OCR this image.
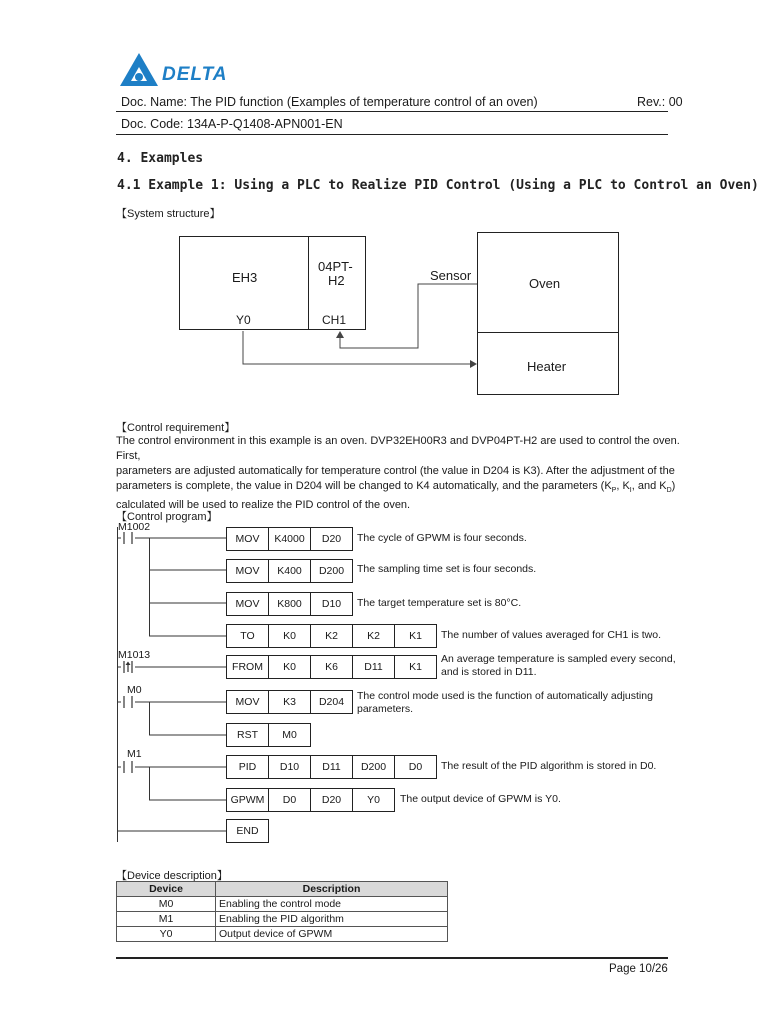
DELTA
Doc. Name: The PID function (Examples of temperature control of an oven)	Rev.: 00
Doc. Code: 134A-P-Q1408-APN001-EN
4. Examples
4.1 Example 1: Using a PLC to Realize PID Control (Using a PLC to Control an Oven)
【System structure】
EH3
Y0
04PT-
H2
CH1
Oven
Heater
Sensor
【Control requirement】
The control environment in this example is an oven. DVP32EH00R3 and DVP04PT-H2 are used to control the oven. First,
parameters are adjusted automatically for temperature control (the value in D204 is K3). After the adjustment of the
parameters is complete, the value in D204 will be changed to K4 automatically, and the parameters ($K_P$, $K_I$, and $K_D$)
calculated will be used to realize the PID control of the oven.
【Control program】
M1002
M1013
M0
M1
MOV	K4000	D20	The cycle of GPWM is four seconds.
MOV	K400	D200	The sampling time set is four seconds.
MOV	K800	D10	The target temperature set is 80°C.
TO	K0	K2	K2	K1	The number of values averaged for CH1 is two.
FROM	K0	K6	D11	K1
An average temperature is sampled every second,
and is stored in D11.
MOV	K3	D204	The control mode used is the function of automatically adjusting
parameters.
RST	M0
PID	D10	D11	D200	D0	The result of the PID algorithm is stored in D0.
GPWM	D0	D20	Y0	The output device of GPWM is Y0.
END
【Device description】
Device	Description
M0	Enabling the control mode
M1	Enabling the PID algorithm
Y0	Output device of GPWM
Page 10/26
